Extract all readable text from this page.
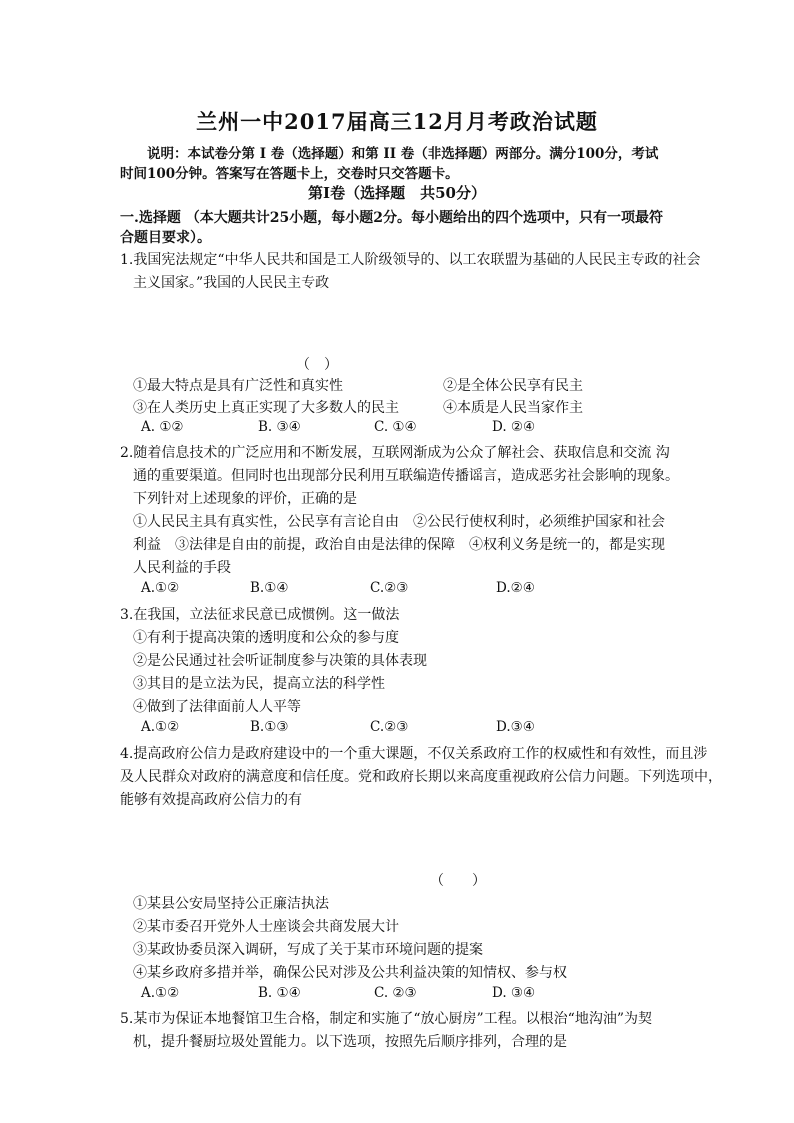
兰州一中2017届高三12月月考政治试题
说明：本试卷分第 I 卷（选择题）和第 II 卷（非选择题）两部分。满分100分，考试
时间100分钟。答案写在答题卡上，交卷时只交答题卡。
第Ⅰ卷（选择题　共50分）
一.选择题 （本大题共计25小题，每小题2分。每小题给出的四个选项中，只有一项最符
合题目要求）。
1.我国宪法规定“中华人民共和国是工人阶级领导的、以工农联盟为基础的人民民主专政的社会
主义国家。”我国的人民民主专政
（　）
①最大特点是具有广泛性和真实性	②是全体公民享有民主
③在人类历史上真正实现了大多数人的民主	④本质是人民当家作主
A. ①②	B. ③④	C. ①④	D. ②④
2.随着信息技术的广泛应用和不断发展，互联网渐成为公众了解社会、获取信息和交流 沟
通的重要渠道。但同时也出现部分民利用互联编造传播谣言，造成恶劣社会影响的现象。
下列针对上述现象的评价，正确的是
①人民民主具有真实性，公民享有言论自由　②公民行使权利时，必须维护国家和社会
利益　③法律是自由的前提，政治自由是法律的保障　④权利义务是统一的，都是实现
人民利益的手段
A.①②	B.①④	C.②③	D.②④
3.在我国，立法征求民意已成惯例。这一做法
①有利于提高决策的透明度和公众的参与度
②是公民通过社会听证制度参与决策的具体表现
③其目的是立法为民，提高立法的科学性
④做到了法律面前人人平等
A.①②	B.①③	C.②③	D.③④
4.提高政府公信力是政府建设中的一个重大课题，不仅关系政府工作的权威性和有效性，而且涉
及人民群众对政府的满意度和信任度。党和政府长期以来高度重视政府公信力问题。下列选项中，
能够有效提高政府公信力的有
（　　）
①某县公安局坚持公正廉洁执法
②某市委召开党外人士座谈会共商发展大计
③某政协委员深入调研，写成了关于某市环境问题的提案
④某乡政府多措并举，确保公民对涉及公共利益决策的知情权、参与权
A.①②	B. ①④	C. ②③	D. ③④
5.某市为保证本地餐馆卫生合格，制定和实施了“放心厨房”工程。以根治“地沟油”为契
机，提升餐厨垃圾处置能力。以下选项，按照先后顺序排列，合理的是
